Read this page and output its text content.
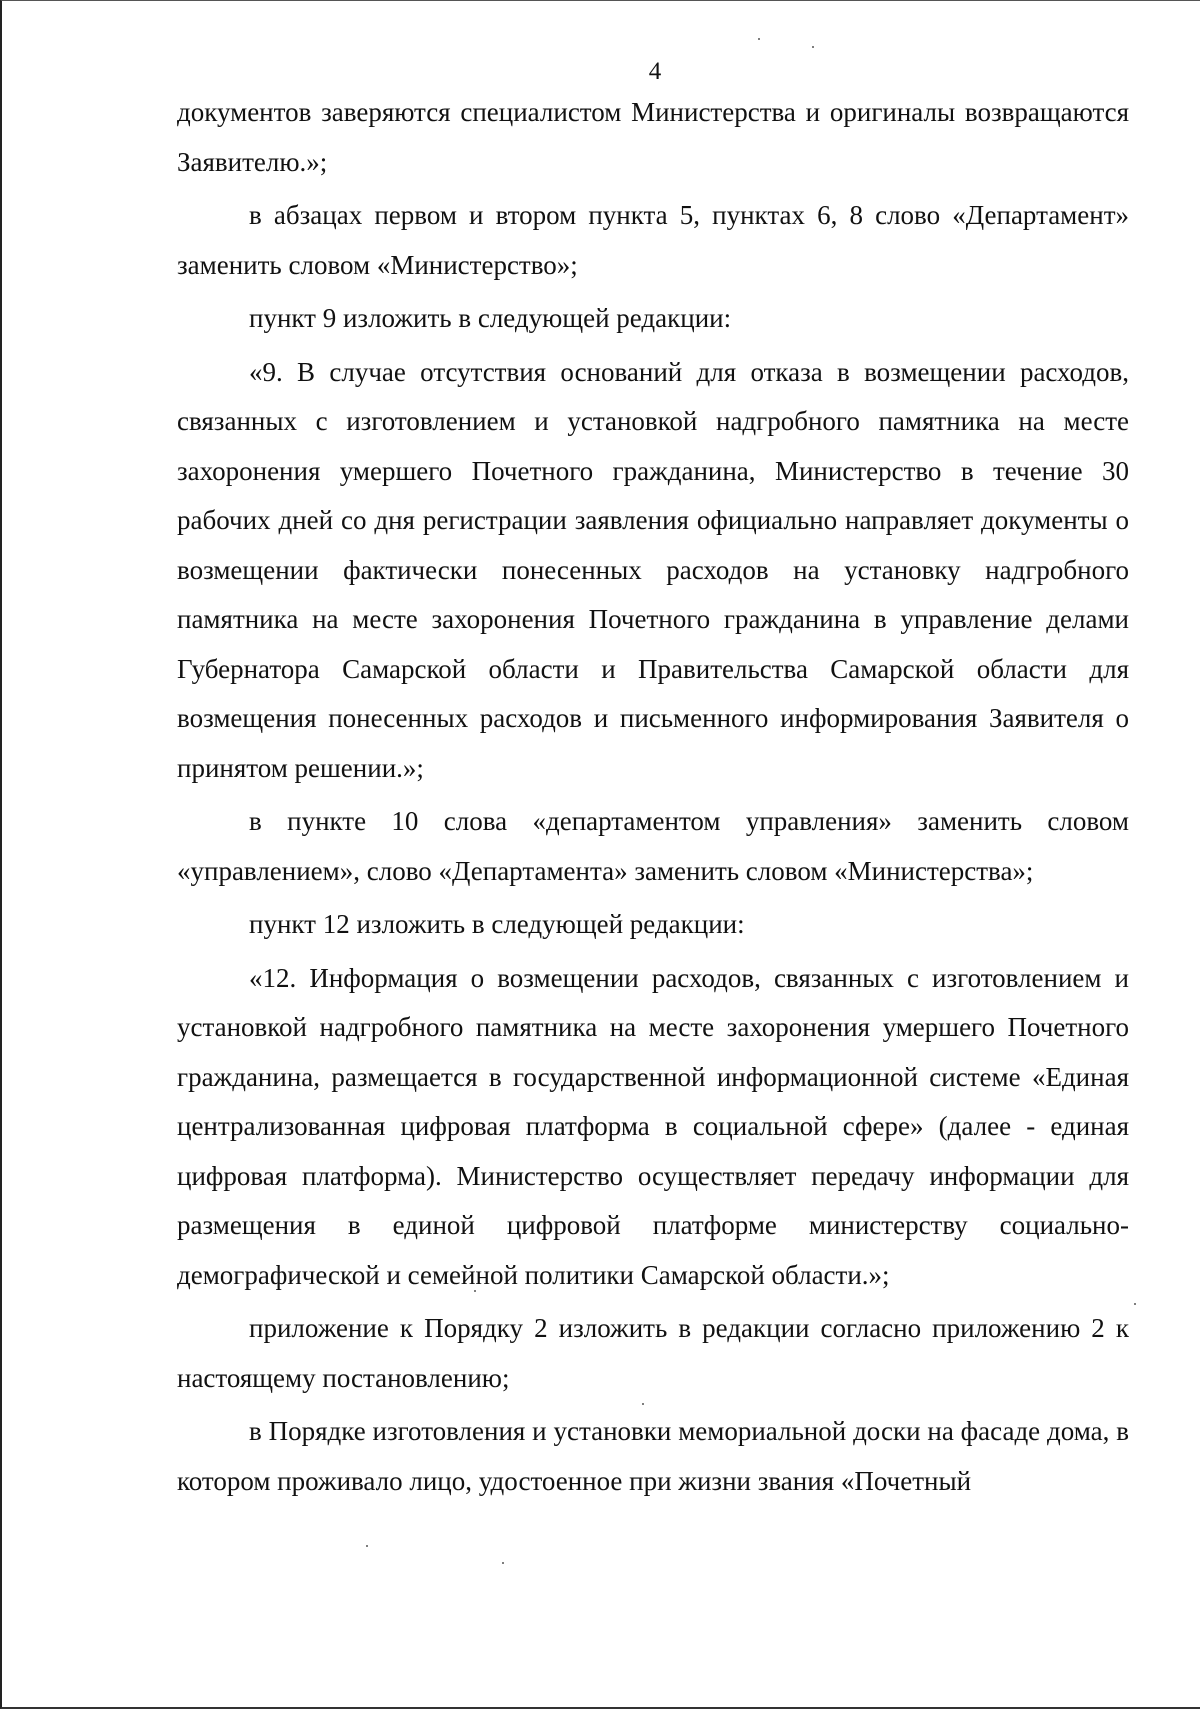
4

документов заверяются специалистом Министерства и оригиналы возвращаются Заявителю.»;

в абзацах первом и втором пункта 5, пунктах 6, 8 слово «Департамент» заменить словом «Министерство»;

пункт 9 изложить в следующей редакции:

«9. В случае отсутствия оснований для отказа в возмещении расходов, связанных с изготовлением и установкой надгробного памятника на месте захоронения умершего Почетного гражданина, Министерство в течение 30 рабочих дней со дня регистрации заявления официально направляет документы о возмещении фактически понесенных расходов на установку надгробного памятника на месте захоронения Почетного гражданина в управление делами Губернатора Самарской области и Правительства Самарской области для возмещения понесенных расходов и письменного информирования Заявителя о принятом решении.»;

в пункте 10 слова «департаментом управления» заменить словом «управлением», слово «Департамента» заменить словом «Министерства»;

пункт 12 изложить в следующей редакции:

«12. Информация о возмещении расходов, связанных с изготовлением и установкой надгробного памятника на месте захоронения умершего Почетного гражданина, размещается в государственной информационной системе «Единая централизованная цифровая платформа в социальной сфере» (далее - единая цифровая платформа). Министерство осуществляет передачу информации для размещения в единой цифровой платформе министерству социально-демографической и семейной политики Самарской области.»;

приложение к Порядку 2 изложить в редакции согласно приложению 2 к настоящему постановлению;

в Порядке изготовления и установки мемориальной доски на фасаде дома, в котором проживало лицо, удостоенное при жизни звания «Почетный
